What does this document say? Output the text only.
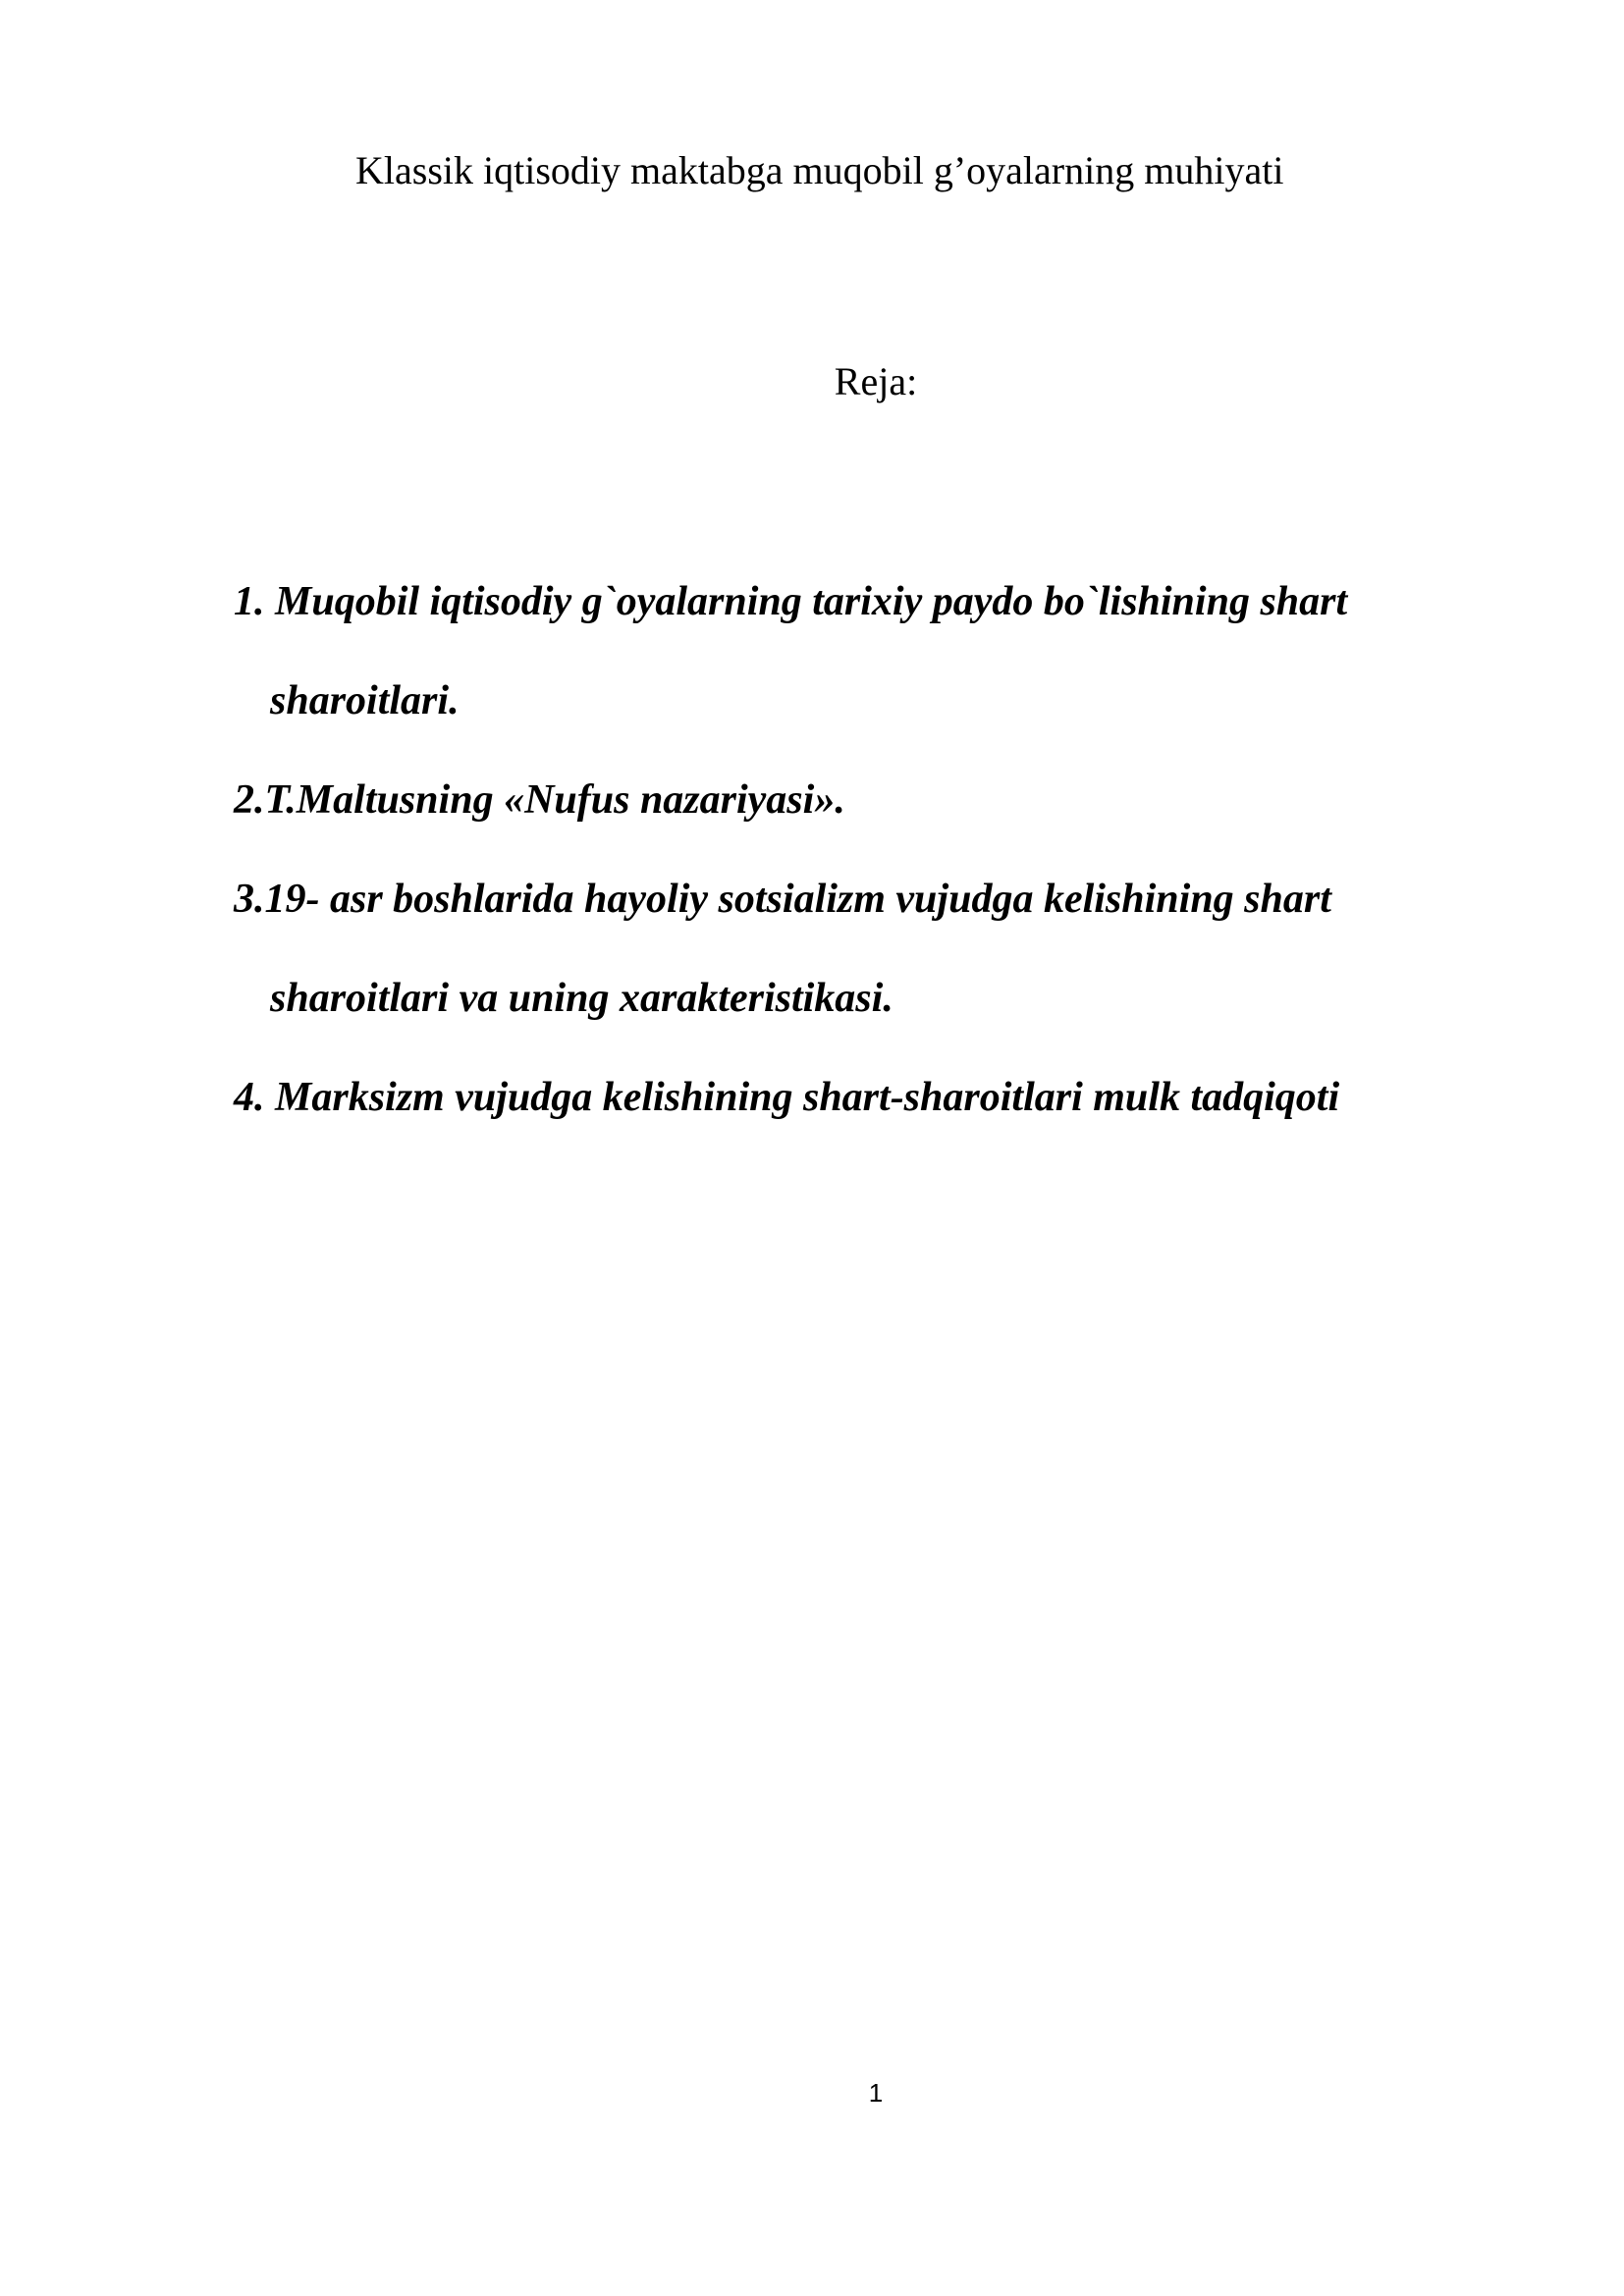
Klassik iqtisodiy maktabga muqobil g’oyalarning muhiyati
Reja:
1. Muqobil iqtisodiy g`oyalarning tarixiy paydo bo`lishining shart
sharoitlari.
2.T.Maltusning «Nufus nazariyasi».
3.19- asr boshlarida hayoliy sotsializm vujudga kelishining shart
sharoitlari va uning xarakteristikasi.
4. Marksizm vujudga kelishining shart-sharoitlari mulk tadqiqoti
1
